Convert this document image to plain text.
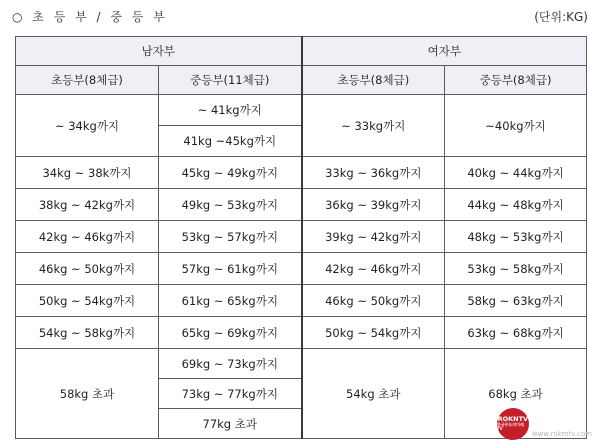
○ 초 등 부 / 중 등 부	(단위:KG)
남자부		여자부	
초등부(8체급)	중등부(11체급)	초등부(8체급)	중등부(8체급)
~ 34kg까지	~ 41kg까지	~ 33kg까지	~40kg까지
	41kg ~45kg까지		
34kg ~ 38k까지	45kg ~ 49kg까지	33kg ~ 36kg까지	40kg ~ 44kg까지
38kg ~ 42kg까지	49kg ~ 53kg까지	36kg ~ 39kg까지	44kg ~ 48kg까지
42kg ~ 46kg까지	53kg ~ 57kg까지	39kg ~ 42kg까지	48kg ~ 53kg까지
46kg ~ 50kg까지	57kg ~ 61kg까지	42kg ~ 46kg까지	53kg ~ 58kg까지
50kg ~ 54kg까지	61kg ~ 65kg까지	46kg ~ 50kg까지	58kg ~ 63kg까지
54kg ~ 58kg까지	65kg ~ 69kg까지	50kg ~ 54kg까지	63kg ~ 68kg까지
58kg 초과	69kg ~ 73kg까지	54kg 초과	68kg 초과
	73kg ~ 77kg까지		
	77kg 초과			ROKNTV
한국무도의미래TV
www.rokmtv.com
